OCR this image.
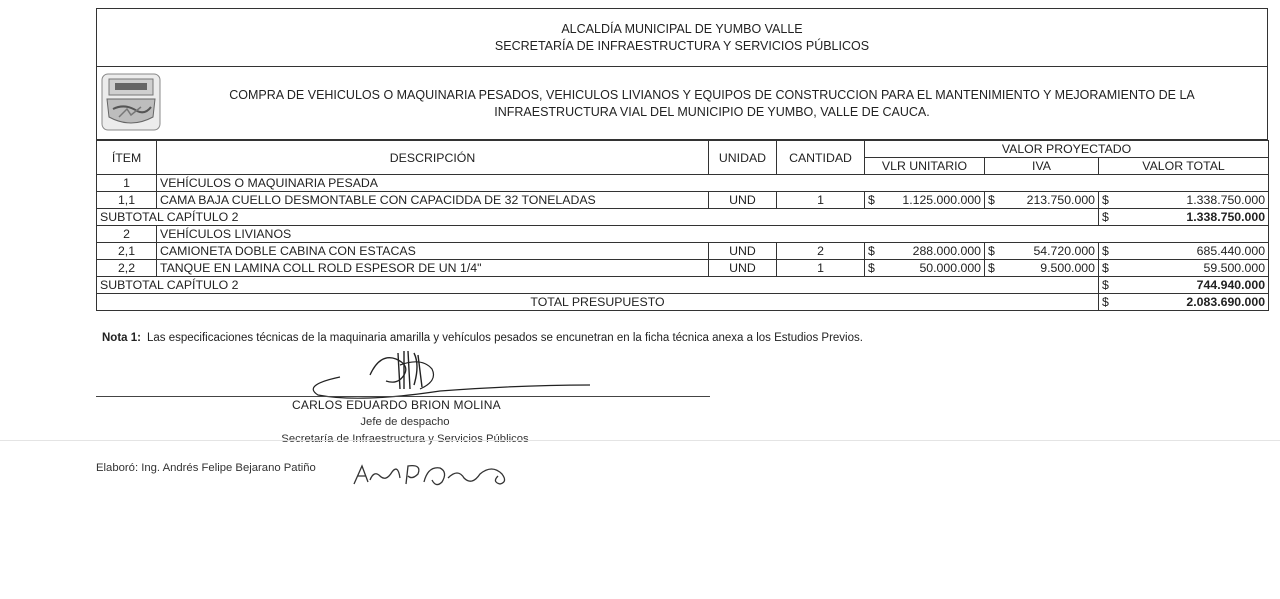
ALCALDÍA MUNICIPAL DE YUMBO VALLE
SECRETARÍA DE INFRAESTRUCTURA Y SERVICIOS PÚBLICOS
COMPRA DE VEHICULOS O MAQUINARIA PESADOS, VEHICULOS LIVIANOS Y EQUIPOS DE CONSTRUCCION PARA EL MANTENIMIENTO Y MEJORAMIENTO DE LA
INFRAESTRUCTURA VIAL DEL MUNICIPIO DE YUMBO, VALLE DE CAUCA.
ÍTEM	DESCRIPCIÓN	UNIDAD	CANTIDAD	VALOR PROYECTADO					
				VLR UNITARIO		IVA		VALOR TOTAL	
1	VEHÍCULOS O MAQUINARIA PESADA								
1,1	CAMA BAJA CUELLO DESMONTABLE CON CAPACIDDA DE 32 TONELADAS	UND	1	$	1.125.000.000	$	213.750.000	$	1.338.750.000
SUBTOTAL CAPÍTULO 2								$	1.338.750.000
2	VEHÍCULOS LIVIANOS								
2,1	CAMIONETA DOBLE CABINA CON ESTACAS	UND	2	$	288.000.000	$	54.720.000	$	685.440.000
2,2	TANQUE EN LAMINA COLL ROLD ESPESOR DE UN 1/4"	UND	1	$	50.000.000	$	9.500.000	$	59.500.000
SUBTOTAL CAPÍTULO 2								$	744.940.000
TOTAL PRESUPUESTO								$	2.083.690.000
Nota 1: Las especificaciones técnicas de la maquinaria amarilla y vehículos pesados se encunetran en la ficha técnica anexa a los Estudios Previos.
CARLOS EDUARDO BRION MOLINA
Jefe de despacho
Secretaría de Infraestructura y Servicios Públicos
Elaboró: Ing. Andrés Felipe Bejarano Patiño
